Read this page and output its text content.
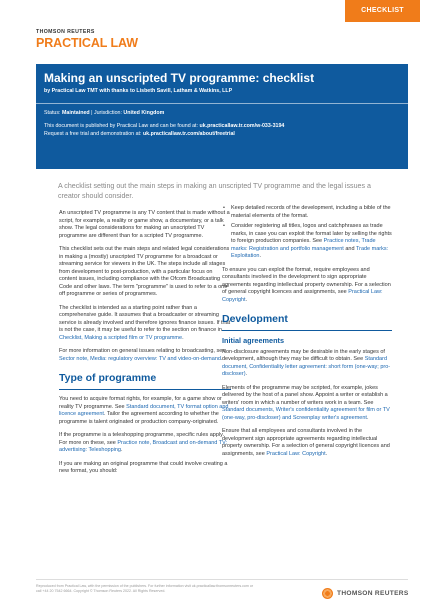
CHECKLIST
THOMSON REUTERS
PRACTICAL LAW
Making an unscripted TV programme: checklist
by Practical Law TMT with thanks to Lisbeth Savill, Latham & Watkins, LLP
Status: Maintained | Jurisdiction: United Kingdom
This document is published by Practical Law and can be found at: uk.practicallaw.tr.com/w-033-3194
Request a free trial and demonstration at: uk.practicallaw.tr.com/about/freetrial
A checklist setting out the main steps in making an unscripted TV programme and the legal issues a creator should consider.

An unscripted TV programme is any TV content that is made without a script, for example, a reality or game show, a documentary, or a talk show. The legal considerations for making an unscripted TV programme are different than for a scripted TV programme.

This checklist sets out the main steps and related legal considerations in making a (mostly) unscripted TV programme for a broadcast or streaming service for viewers in the UK. The steps include all stages from development to post-production, with a particular focus on content issues, including compliance with the Ofcom Broadcasting Code and other laws. The term "programme" is used to refer to a one-off programme or series of programmes.

The checklist is intended as a starting point rather than a comprehensive guide. It assumes that a broadcaster or streaming service is already involved and therefore ignores finance issues. If that is not the case, it may be useful to refer to the section on finance in Checklist, Making a scripted film or TV programme.

For more information on general issues relating to broadcasting, see Sector note, Media: regulatory overview: TV and video-on-demand.

Type of programme

You need to acquire format rights, for example, for a game show or reality TV programme. See Standard document, TV format option and licence agreement. Tailor the agreement according to whether the programme is talent originated or production company-originated.

If the programme is a teleshopping programme, specific rules apply. For more on these, see Practice note, Broadcast and on-demand TV: advertising: Teleshopping.

If you are making an original programme that could involve creating a new format, you should:

• Keep detailed records of the development, including a bible of the material elements of the format.
• Consider registering all titles, logos and catchphrases as trade marks, in case you can exploit the format later by selling the rights to foreign production companies. See Practice notes, Trade marks: Registration and portfolio management and Trade marks: Exploitation.

To ensure you can exploit the format, require employees and consultants involved in the development to sign appropriate agreements regarding intellectual property ownership. For a selection of general copyright licences and assignments, see Practical Law: Copyright.

Development
Initial agreements

Non-disclosure agreements may be desirable in the early stages of development, although they may be difficult to obtain. See Standard document, Confidentiality letter agreement: short form (one-way; pro-discloser).

Elements of the programme may be scripted, for example, jokes delivered by the host of a panel show. Appoint a writer or establish a writers' room in which a number of writers work in a team. See Standard documents, Writer's confidentiality agreement for film or TV (one-way, pro-discloser) and Screenplay writer's agreement.

Ensure that all employees and consultants involved in the development sign appropriate agreements regarding intellectual property ownership. For a selection of general copyright licences and assignments, see Practical Law: Copyright.

Reproduced from Practical Law, with the permission of the publishers. For further information visit uk.practicallaw.thomsonreuters.com or call +44 20 7542 6664. Copyright © Thomson Reuters 2022. All Rights Reserved.	THOMSON REUTERS
